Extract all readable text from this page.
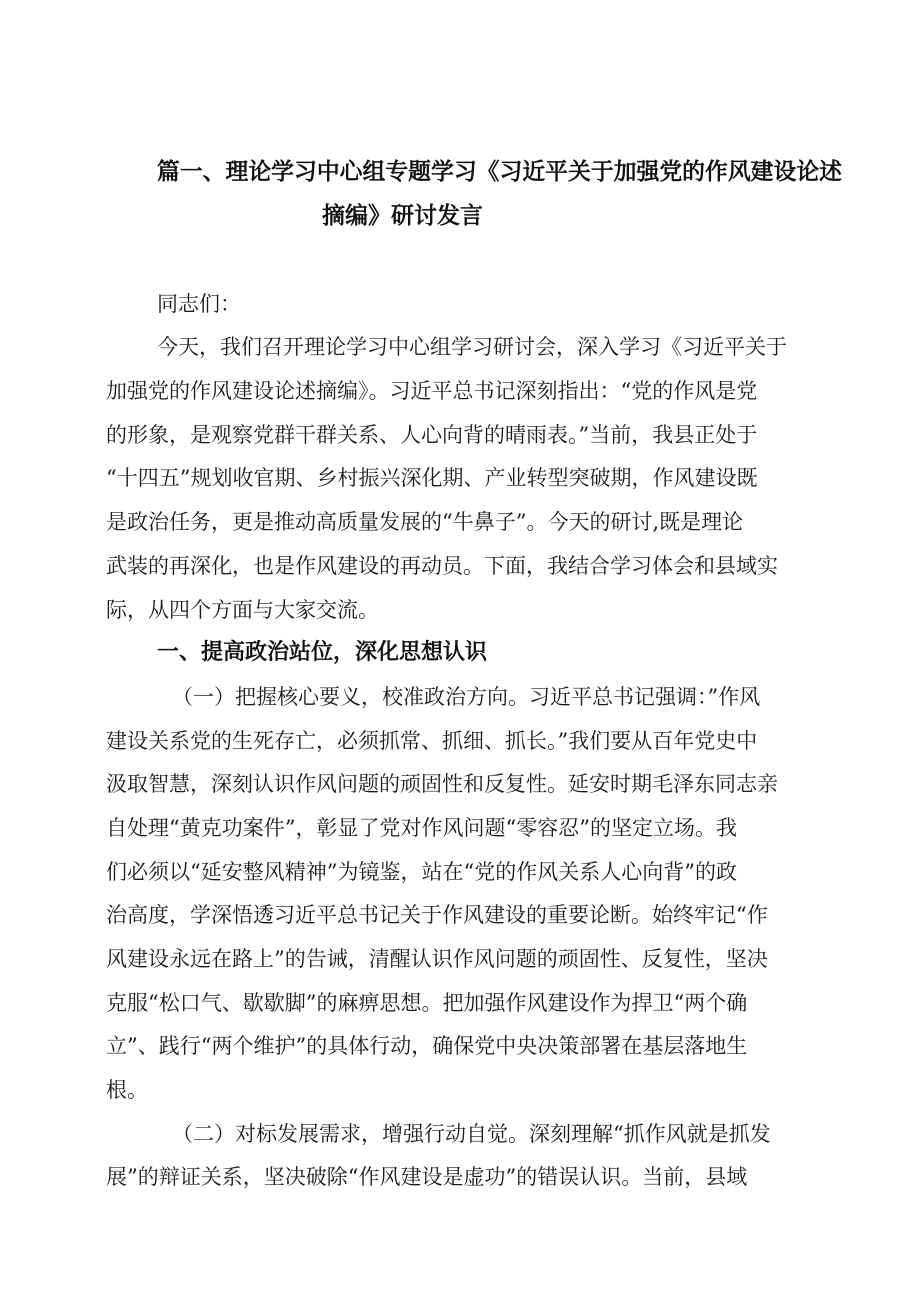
篇一、理论学习中心组专题学习《习近平关于加强党的作风建设论述
摘编》研讨发言
同志们：
今天，我们召开理论学习中心组学习研讨会，深入学习《习近平关于
加强党的作风建设论述摘编》。习近平总书记深刻指出：“党的作风是党
的形象，是观察党群干群关系、人心向背的晴雨表。”当前，我县正处于
“十四五”规划收官期、乡村振兴深化期、产业转型突破期，作风建设既
是政治任务，更是推动高质量发展的“牛鼻子”。今天的研讨,既是理论
武装的再深化，也是作风建设的再动员。下面，我结合学习体会和县域实
际，从四个方面与大家交流。
一、提高政治站位，深化思想认识
（一）把握核心要义，校准政治方向。习近平总书记强调：”作风
建设关系党的生死存亡，必须抓常、抓细、抓长。”我们要从百年党史中
汲取智慧，深刻认识作风问题的顽固性和反复性。延安时期毛泽东同志亲
自处理“黄克功案件”，彰显了党对作风问题“零容忍”的坚定立场。我
们必须以“延安整风精神”为镜鉴，站在“党的作风关系人心向背”的政
治高度，学深悟透习近平总书记关于作风建设的重要论断。始终牢记“作
风建设永远在路上”的告诫，清醒认识作风问题的顽固性、反复性，坚决
克服“松口气、歇歇脚”的麻痹思想。把加强作风建设作为捍卫“两个确
立”、践行“两个维护”的具体行动，确保党中央决策部署在基层落地生
根。
（二）对标发展需求，增强行动自觉。深刻理解“抓作风就是抓发
展”的辩证关系，坚决破除“作风建设是虚功”的错误认识。当前，县域
